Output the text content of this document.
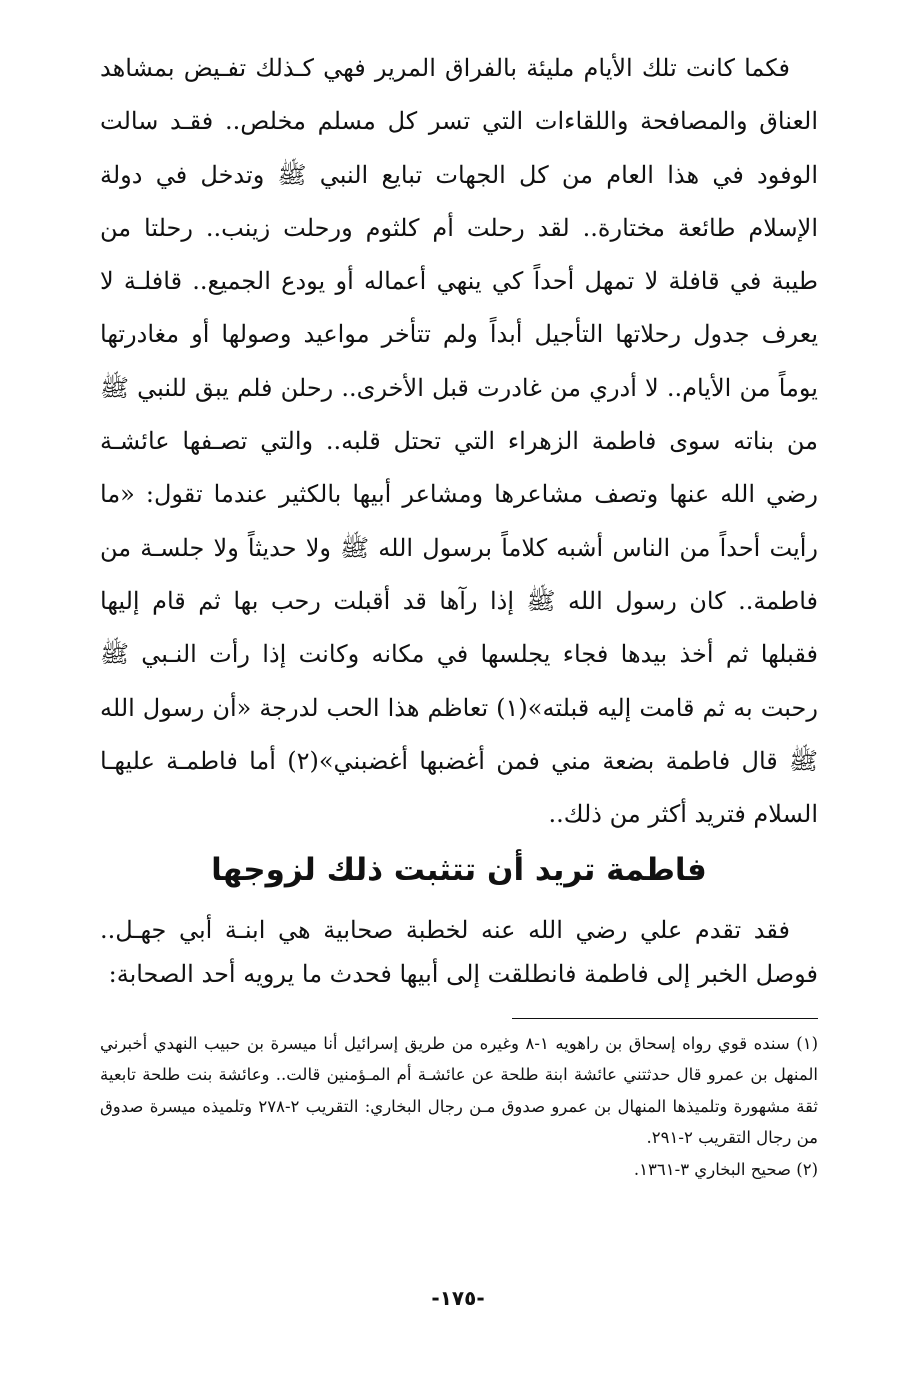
فكما كانت تلك الأيام مليئة بالفراق المرير فهي كـذلك تفـيض بمشاهد العناق والمصافحة واللقاءات التي تسر كل مسلم مخلص.. فقـد سالت الوفود في هذا العام من كل الجهات تبايع النبي ﷺ وتدخل في دولة الإسلام طائعة مختارة.. لقد رحلت أم كلثوم ورحلت زينب.. رحلتا من طيبة في قافلة لا تمهل أحداً كي ينهي أعماله أو يودع الجميع.. قافلـة لا يعرف جدول رحلاتها التأجيل أبداً ولم تتأخر مواعيد وصولها أو مغادرتها يوماً من الأيام.. لا أدري من غادرت قبل الأخرى.. رحلن فلم يبق للنبي ﷺ من بناته سوى فاطمة الزهراء التي تحتل قلبه.. والتي تصـفها عائشـة رضي الله عنها وتصف مشاعرها ومشاعر أبيها بالكثير عندما تقول: «ما رأيت أحداً من الناس أشبه كلاماً برسول الله ﷺ ولا حديثاً ولا جلسـة من فاطمة.. كان رسول الله ﷺ إذا رآها قد أقبلت رحب بها ثم قام إليها فقبلها ثم أخذ بيدها فجاء يجلسها في مكانه وكانت إذا رأت النـبي ﷺ رحبت به ثم قامت إليه قبلته»(١) تعاظم هذا الحب لدرجة «أن رسول الله ﷺ قال فاطمة بضعة مني فمن أغضبها أغضبني»(٢) أما فاطمـة عليهـا السلام فتريد أكثر من ذلك..

فاطمة تريد أن تتثبت ذلك لزوجها

فقد تقدم علي رضي الله عنه لخطبة صحابية هي ابنـة أبي جهـل.. فوصل الخبر إلى فاطمة فانطلقت إلى أبيها فحدث ما يرويه أحد الصحابة:

(١) سنده قوي رواه إسحاق بن راهويه ١-٨ وغيره من طريق إسرائيل أنا ميسرة بن حبيب النهدي أخبرني المنهل بن عمرو قال حدثتني عائشة ابنة طلحة عن عائشـة أم المـؤمنين قالت.. وعائشة بنت طلحة تابعية ثقة مشهورة وتلميذها المنهال بن عمرو صدوق مـن رجال البخاري: التقريب ٢-٢٧٨ وتلميذه ميسرة صدوق من رجال التقريب ٢-٢٩١.

(٢) صحيح البخاري ٣-١٣٦١.

-١٧٥-
